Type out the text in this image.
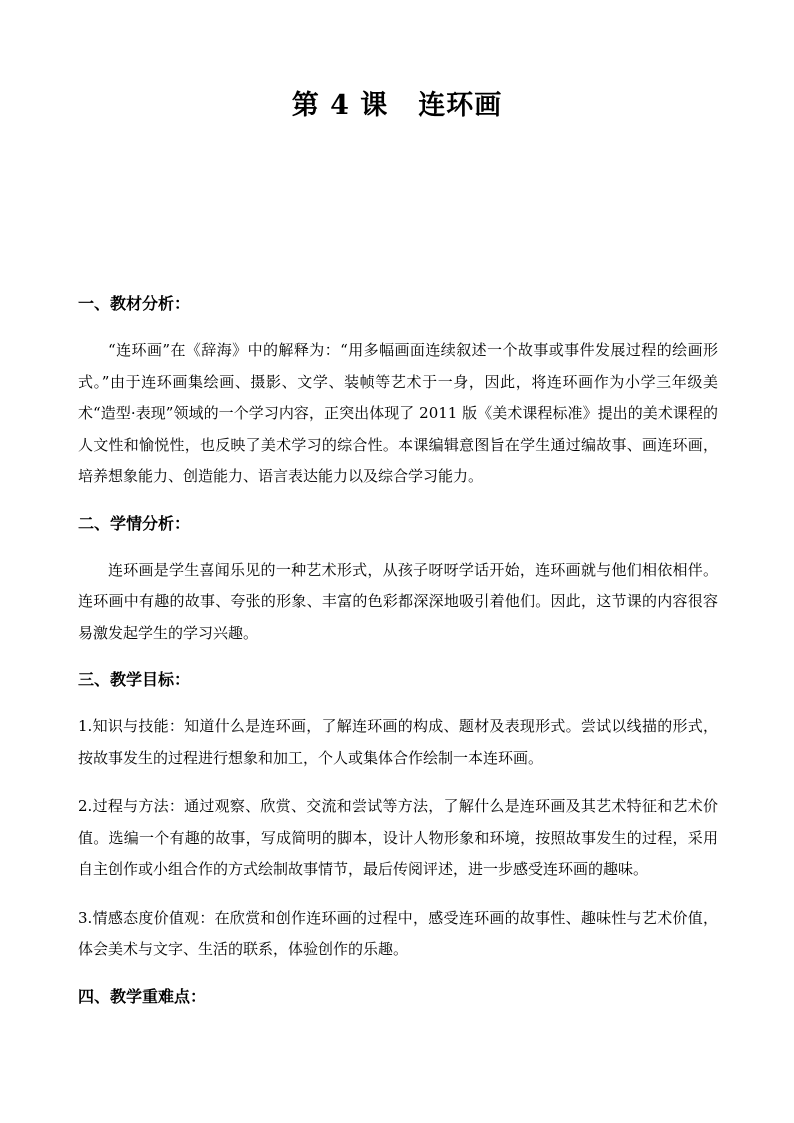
第 4 课 连环画

一、教材分析：

“连环画”在《辞海》中的解释为：“用多幅画面连续叙述一个故事或事件发展过程的绘画形式。”由于连环画集绘画、摄影、文学、装帧等艺术于一身，因此，将连环画作为小学三年级美术“造型·表现”领域的一个学习内容，正突出体现了 2011 版《美术课程标准》提出的美术课程的人文性和愉悦性，也反映了美术学习的综合性。本课编辑意图旨在学生通过编故事、画连环画，培养想象能力、创造能力、语言表达能力以及综合学习能力。

二、学情分析：

连环画是学生喜闻乐见的一种艺术形式，从孩子呀呀学话开始，连环画就与他们相依相伴。连环画中有趣的故事、夸张的形象、丰富的色彩都深深地吸引着他们。因此，这节课的内容很容易激发起学生的学习兴趣。

三、教学目标：

1.知识与技能：知道什么是连环画，了解连环画的构成、题材及表现形式。尝试以线描的形式，按故事发生的过程进行想象和加工，个人或集体合作绘制一本连环画。

2.过程与方法：通过观察、欣赏、交流和尝试等方法，了解什么是连环画及其艺术特征和艺术价值。选编一个有趣的故事，写成简明的脚本，设计人物形象和环境，按照故事发生的过程，采用自主创作或小组合作的方式绘制故事情节，最后传阅评述，进一步感受连环画的趣味。

3.情感态度价值观：在欣赏和创作连环画的过程中，感受连环画的故事性、趣味性与艺术价值，体会美术与文字、生活的联系，体验创作的乐趣。

四、教学重难点：
